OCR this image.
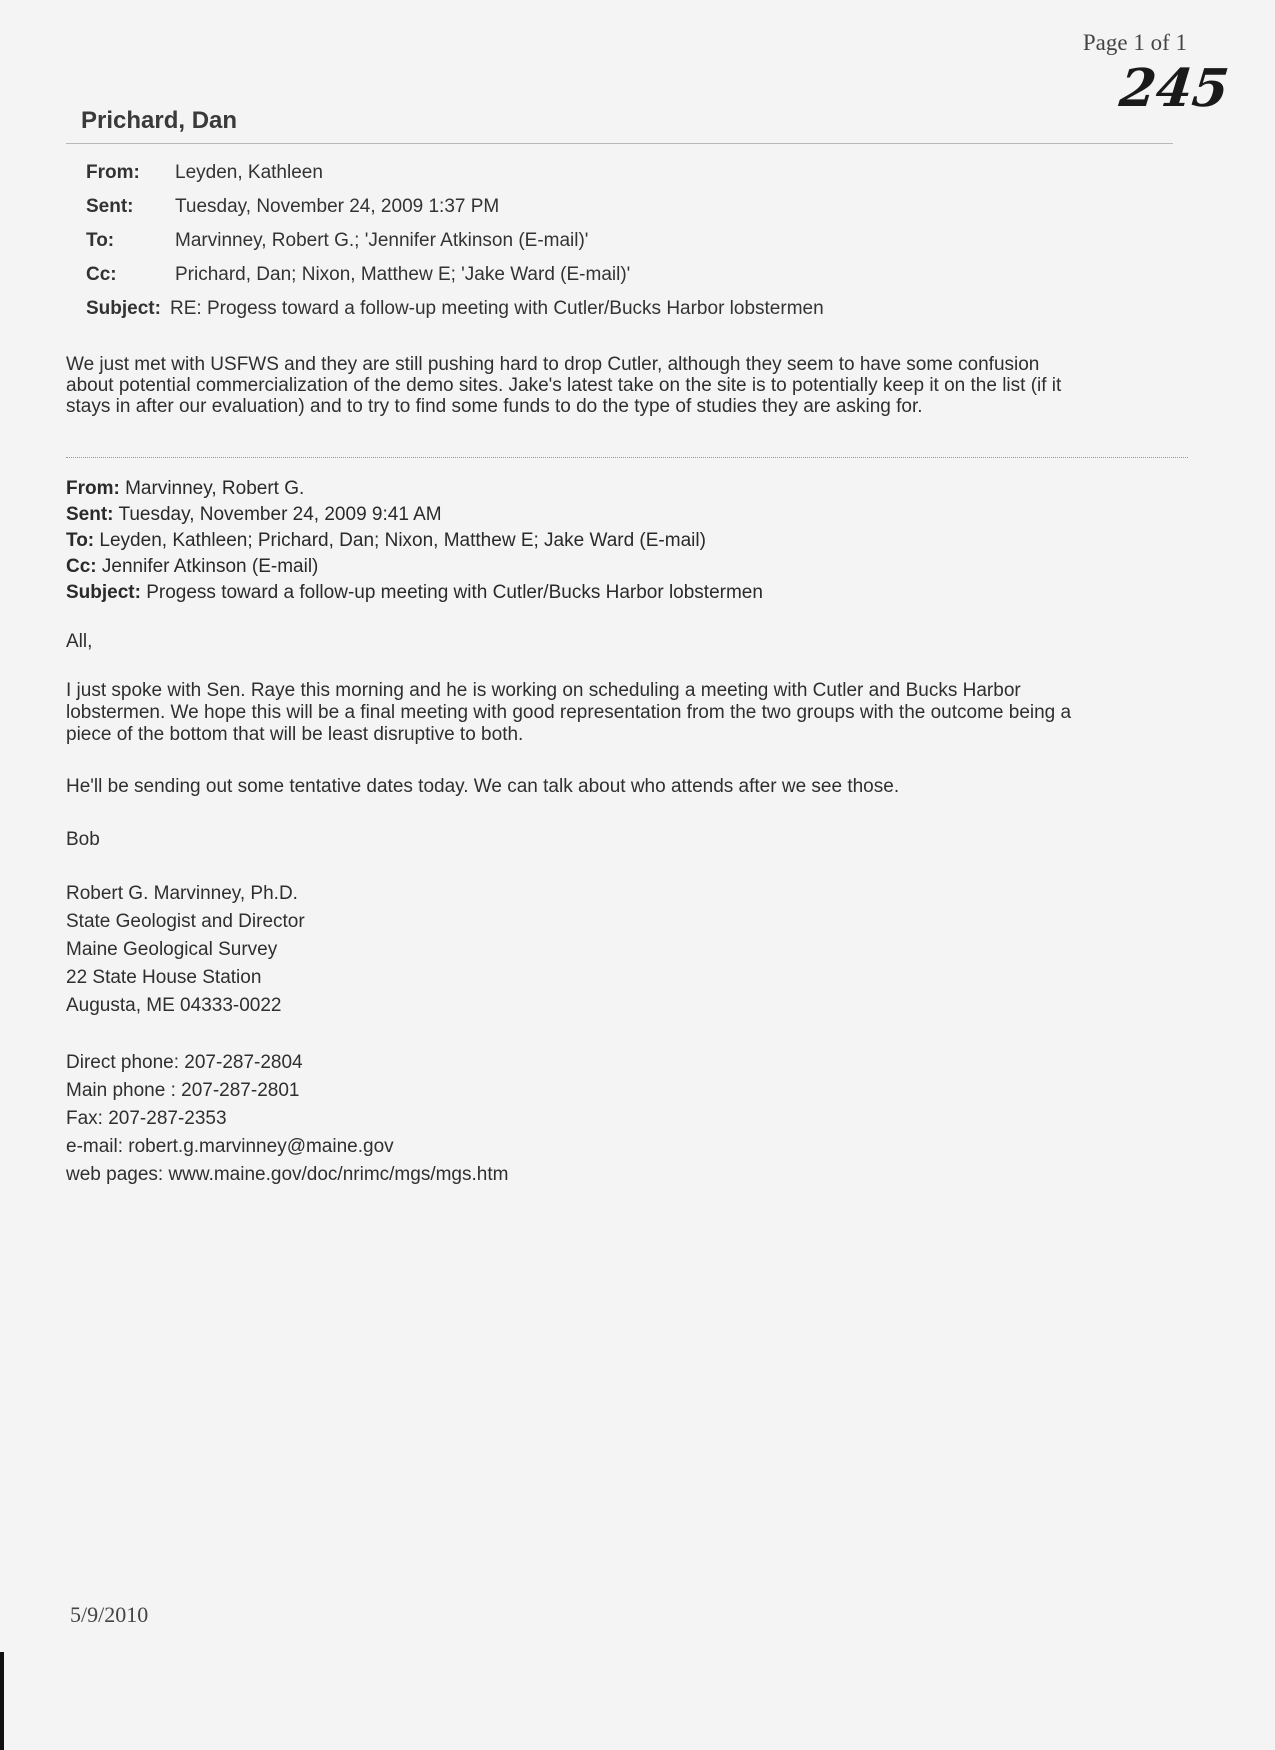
Page 1 of 1
245
Prichard, Dan
From:	Leyden, Kathleen
Sent:	Tuesday, November 24, 2009 1:37 PM
To:	Marvinney, Robert G.; 'Jennifer Atkinson (E-mail)'
Cc:	Prichard, Dan; Nixon, Matthew E; 'Jake Ward (E-mail)'
Subject: RE: Progess toward a follow-up meeting with Cutler/Bucks Harbor lobstermen
We just met with USFWS and they are still pushing hard to drop Cutler, although they seem to have some confusion
about potential commercialization of the demo sites. Jake's latest take on the site is to potentially keep it on the list (if it
stays in after our evaluation) and to try to find some funds to do the type of studies they are asking for.
From: Marvinney, Robert G.
Sent: Tuesday, November 24, 2009 9:41 AM
To: Leyden, Kathleen; Prichard, Dan; Nixon, Matthew E; Jake Ward (E-mail)
Cc: Jennifer Atkinson (E-mail)
Subject: Progess toward a follow-up meeting with Cutler/Bucks Harbor lobstermen
All,
I just spoke with Sen. Raye this morning and he is working on scheduling a meeting with Cutler and Bucks Harbor
lobstermen. We hope this will be a final meeting with good representation from the two groups with the outcome being a
piece of the bottom that will be least disruptive to both.
He'll be sending out some tentative dates today. We can talk about who attends after we see those.
Bob
Robert G. Marvinney, Ph.D.
State Geologist and Director
Maine Geological Survey
22 State House Station
Augusta, ME 04333-0022
Direct phone: 207-287-2804
Main phone : 207-287-2801
Fax: 207-287-2353
e-mail: robert.g.marvinney@maine.gov
web pages: www.maine.gov/doc/nrimc/mgs/mgs.htm
5/9/2010
